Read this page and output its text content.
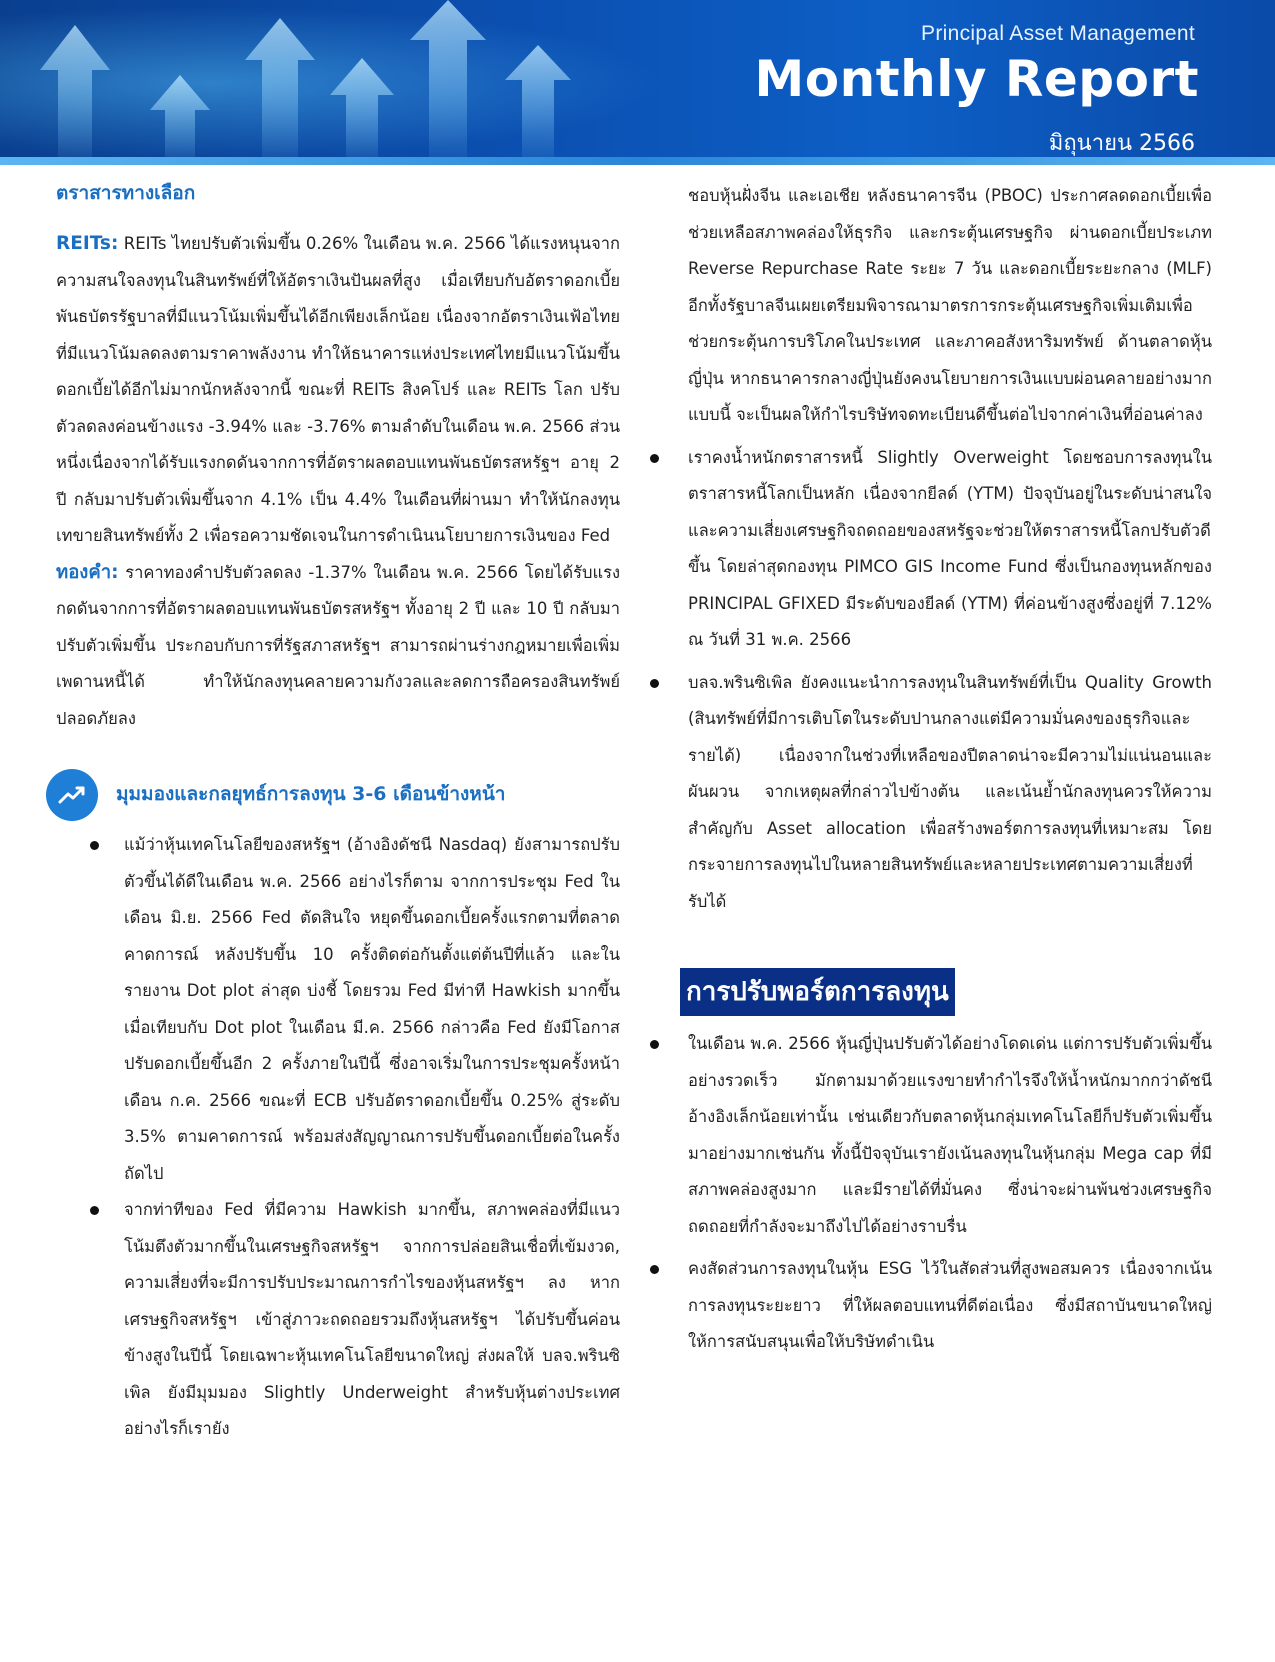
Principal Asset Management
Monthly Report
มิถุนายน 2566
ตราสารทางเลือก

REITs: REITs ไทยปรับตัวเพิ่มขึ้น 0.26% ในเดือน พ.ค. 2566 ได้แรงหนุนจากความสนใจลงทุนในสินทรัพย์ที่ให้อัตราเงินปันผลที่สูง เมื่อเทียบกับอัตราดอกเบี้ยพันธบัตรรัฐบาลที่มีแนวโน้มเพิ่มขึ้นได้อีกเพียงเล็กน้อย เนื่องจากอัตราเงินเฟ้อไทยที่มีแนวโน้มลดลงตามราคาพลังงาน ทำให้ธนาคารแห่งประเทศไทยมีแนวโน้มขึ้นดอกเบี้ยได้อีกไม่มากนักหลังจากนี้ ขณะที่ REITs สิงคโปร์ และ REITs โลก ปรับตัวลดลงค่อนข้างแรง -3.94% และ -3.76% ตามลำดับในเดือน พ.ค. 2566 ส่วนหนึ่งเนื่องจากได้รับแรงกดดันจากการที่อัตราผลตอบแทนพันธบัตรสหรัฐฯ อายุ 2 ปี กลับมาปรับตัวเพิ่มขึ้นจาก 4.1% เป็น 4.4% ในเดือนที่ผ่านมา ทำให้นักลงทุนเทขายสินทรัพย์ทั้ง 2 เพื่อรอความชัดเจนในการดำเนินนโยบายการเงินของ Fed

ทองคำ: ราคาทองคำปรับตัวลดลง -1.37% ในเดือน พ.ค. 2566 โดยได้รับแรงกดดันจากการที่อัตราผลตอบแทนพันธบัตรสหรัฐฯ ทั้งอายุ 2 ปี และ 10 ปี กลับมาปรับตัวเพิ่มขึ้น ประกอบกับการที่รัฐสภาสหรัฐฯ สามารถผ่านร่างกฎหมายเพื่อเพิ่มเพดานหนี้ได้ ทำให้นักลงทุนคลายความกังวลและลดการถือครองสินทรัพย์ปลอดภัยลง

มุมมองและกลยุทธ์การลงทุน 3-6 เดือนข้างหน้า
แม้ว่าหุ้นเทคโนโลยีของสหรัฐฯ (อ้างอิงดัชนี Nasdaq) ยังสามารถปรับตัวขึ้นได้ดีในเดือน พ.ค. 2566 อย่างไรก็ตาม จากการประชุม Fed ในเดือน มิ.ย. 2566 Fed ตัดสินใจ หยุดขึ้นดอกเบี้ยครั้งแรกตามที่ตลาดคาดการณ์ หลังปรับขึ้น 10 ครั้งติดต่อกันตั้งแต่ต้นปีที่แล้ว และในรายงาน Dot plot ล่าสุด บ่งชี้ โดยรวม Fed มีท่าที Hawkish มากขึ้นเมื่อเทียบกับ Dot plot ในเดือน มี.ค. 2566 กล่าวคือ Fed ยังมีโอกาสปรับดอกเบี้ยขึ้นอีก 2 ครั้งภายในปีนี้ ซึ่งอาจเริ่มในการประชุมครั้งหน้าเดือน ก.ค. 2566 ขณะที่ ECB ปรับอัตราดอกเบี้ยขึ้น 0.25% สู่ระดับ 3.5% ตามคาดการณ์ พร้อมส่งสัญญาณการปรับขึ้นดอกเบี้ยต่อในครั้งถัดไป
จากท่าทีของ Fed ที่มีความ Hawkish มากขึ้น, สภาพคล่องที่มีแนวโน้มตึงตัวมากขึ้นในเศรษฐกิจสหรัฐฯ จากการปล่อยสินเชื่อที่เข้มงวด, ความเสี่ยงที่จะมีการปรับประมาณการกำไรของหุ้นสหรัฐฯ ลง หากเศรษฐกิจสหรัฐฯ เข้าสู่ภาวะถดถอยรวมถึงหุ้นสหรัฐฯ ได้ปรับขึ้นค่อนข้างสูงในปีนี้ โดยเฉพาะหุ้นเทคโนโลยีขนาดใหญ่ ส่งผลให้ บลจ.พรินซิเพิล ยังมีมุมมอง Slightly Underweight สำหรับหุ้นต่างประเทศ อย่างไรก็เรายัง

ชอบหุ้นฝั่งจีน และเอเชีย หลังธนาคารจีน (PBOC) ประกาศลดดอกเบี้ยเพื่อช่วยเหลือสภาพคล่องให้ธุรกิจ และกระตุ้นเศรษฐกิจ ผ่านดอกเบี้ยประเภท Reverse Repurchase Rate ระยะ 7 วัน และดอกเบี้ยระยะกลาง (MLF) อีกทั้งรัฐบาลจีนเผยเตรียมพิจารณามาตรการกระตุ้นเศรษฐกิจเพิ่มเติมเพื่อช่วยกระตุ้นการบริโภคในประเทศ และภาคอสังหาริมทรัพย์ ด้านตลาดหุ้นญี่ปุ่น หากธนาคารกลางญี่ปุ่นยังคงนโยบายการเงินแบบผ่อนคลายอย่างมากแบบนี้ จะเป็นผลให้กำไรบริษัทจดทะเบียนดีขึ้นต่อไปจากค่าเงินที่อ่อนค่าลง

เราคงน้ำหนักตราสารหนี้ Slightly Overweight โดยชอบการลงทุนในตราสารหนี้โลกเป็นหลัก เนื่องจากยีลด์ (YTM) ปัจจุบันอยู่ในระดับน่าสนใจ และความเสี่ยงเศรษฐกิจถดถอยของสหรัฐจะช่วยให้ตราสารหนี้โลกปรับตัวดีขึ้น โดยล่าสุดกองทุน PIMCO GIS Income Fund ซึ่งเป็นกองทุนหลักของ PRINCIPAL GFIXED มีระดับของยีลด์ (YTM) ที่ค่อนข้างสูงซึ่งอยู่ที่ 7.12% ณ วันที่ 31 พ.ค. 2566
บลจ.พรินซิเพิล ยังคงแนะนำการลงทุนในสินทรัพย์ที่เป็น Quality Growth (สินทรัพย์ที่มีการเติบโตในระดับปานกลางแต่มีความมั่นคงของธุรกิจและรายได้) เนื่องจากในช่วงที่เหลือของปีตลาดน่าจะมีความไม่แน่นอนและผันผวน จากเหตุผลที่กล่าวไปข้างต้น และเน้นย้ำนักลงทุนควรให้ความสำคัญกับ Asset allocation เพื่อสร้างพอร์ตการลงทุนที่เหมาะสม โดยกระจายการลงทุนไปในหลายสินทรัพย์และหลายประเทศตามความเสี่ยงที่รับได้
การปรับพอร์ตการลงทุน
ในเดือน พ.ค. 2566 หุ้นญี่ปุ่นปรับตัวได้อย่างโดดเด่น แต่การปรับตัวเพิ่มขึ้นอย่างรวดเร็ว มักตามมาด้วยแรงขายทำกำไรจึงให้น้ำหนักมากกว่าดัชนีอ้างอิงเล็กน้อยเท่านั้น เช่นเดียวกับตลาดหุ้นกลุ่มเทคโนโลยีก็ปรับตัวเพิ่มขึ้นมาอย่างมากเช่นกัน ทั้งนี้ปัจจุบันเรายังเน้นลงทุนในหุ้นกลุ่ม Mega cap ที่มีสภาพคล่องสูงมาก และมีรายได้ที่มั่นคง ซึ่งน่าจะผ่านพ้นช่วงเศรษฐกิจถดถอยที่กำลังจะมาถึงไปได้อย่างราบรื่น
คงสัดส่วนการลงทุนในหุ้น ESG ไว้ในสัดส่วนที่สูงพอสมควร เนื่องจากเน้นการลงทุนระยะยาว ที่ให้ผลตอบแทนที่ดีต่อเนื่อง ซึ่งมีสถาบันขนาดใหญ่ให้การสนับสนุนเพื่อให้บริษัทดำเนิน
